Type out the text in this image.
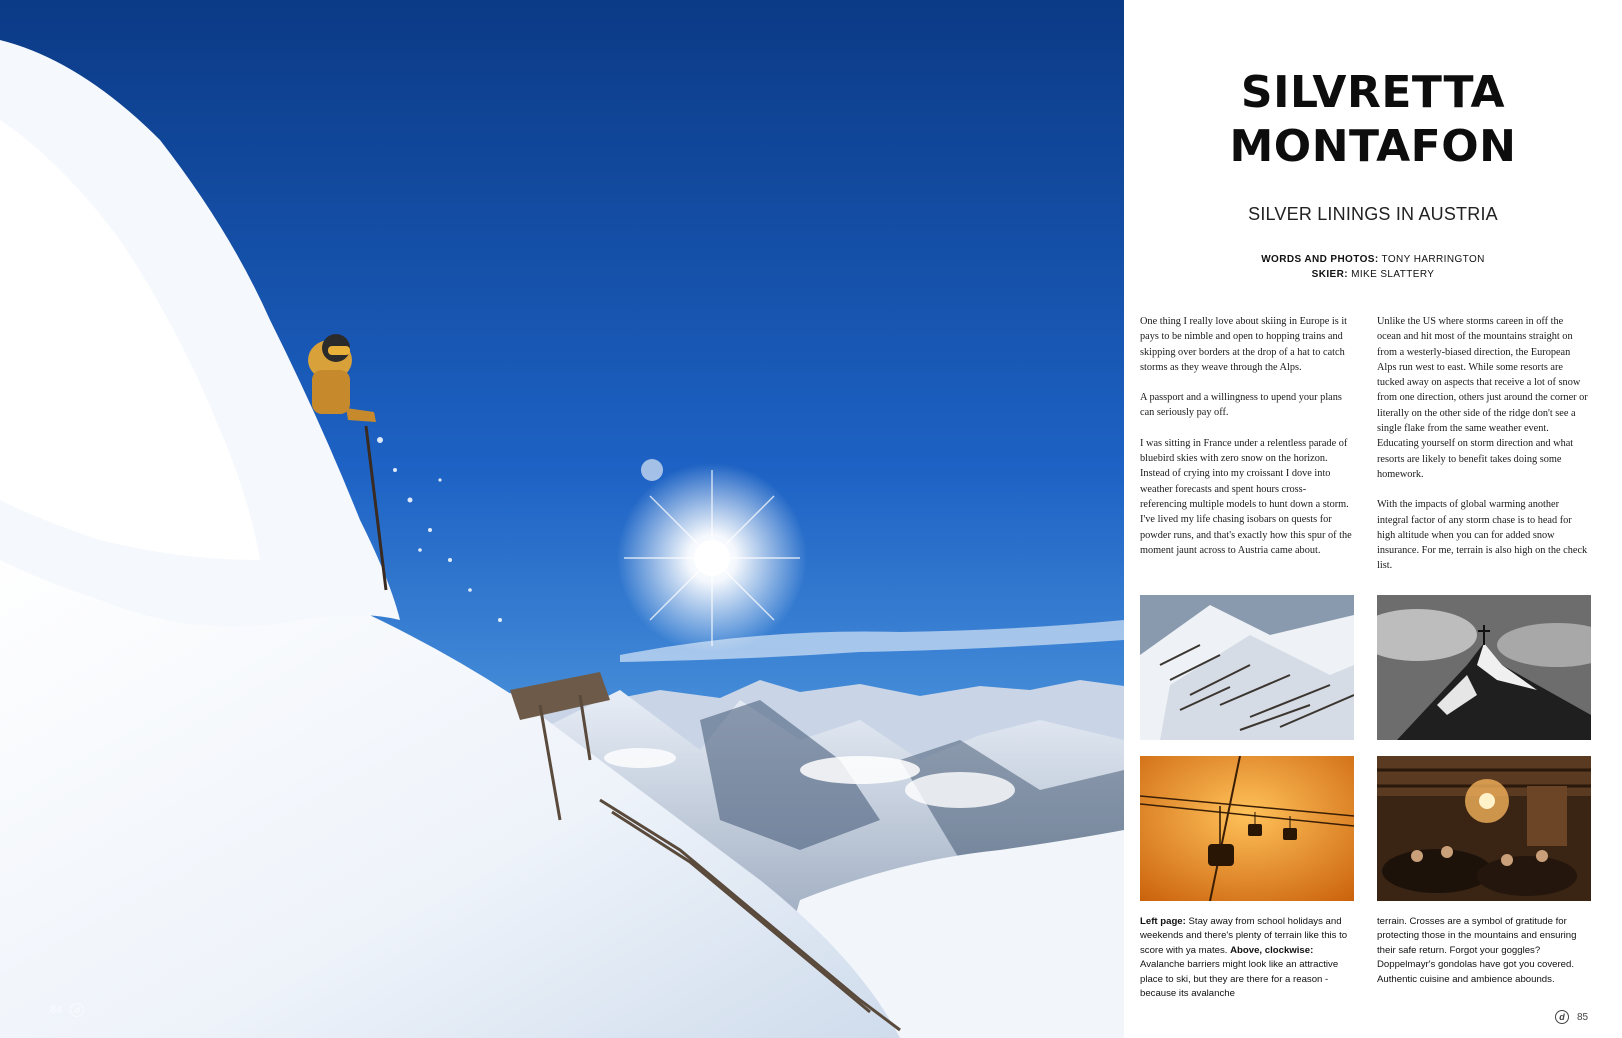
84	d
SILVRETTA
MONTAFON
SILVER LININGS IN AUSTRIA
WORDS AND PHOTOS: TONY HARRINGTON
SKIER: MIKE SLATTERY

One thing I really love about skiing in Europe is it pays to be nimble and open to hopping trains and skipping over borders at the drop of a hat to catch storms as they weave through the Alps.

A passport and a willingness to upend your plans can seriously pay off.

I was sitting in France under a relentless parade of bluebird skies with zero snow on the horizon. Instead of crying into my croissant I dove into weather forecasts and spent hours cross-referencing multiple models to hunt down a storm. I've lived my life chasing isobars on quests for powder runs, and that's exactly how this spur of the moment jaunt across to Austria came about.

Unlike the US where storms careen in off the ocean and hit most of the mountains straight on from a westerly-biased direction, the European Alps run west to east. While some resorts are tucked away on aspects that receive a lot of snow from one direction, others just around the corner or literally on the other side of the ridge don't see a single flake from the same weather event. Educating yourself on storm direction and what resorts are likely to benefit takes doing some homework.

With the impacts of global warming another integral factor of any storm chase is to head for high altitude when you can for added snow insurance. For me, terrain is also high on the check list.

Left page: Stay away from school holidays and weekends and there's plenty of terrain like this to score with ya mates. Above, clockwise: Avalanche barriers might look like an attractive place to ski, but they are there for a reason - because its avalanche
terrain. Crosses are a symbol of gratitude for protecting those in the mountains and ensuring their safe return. Forgot your goggles? Doppelmayr's gondolas have got you covered. Authentic cuisine and ambience abounds.
d	85
